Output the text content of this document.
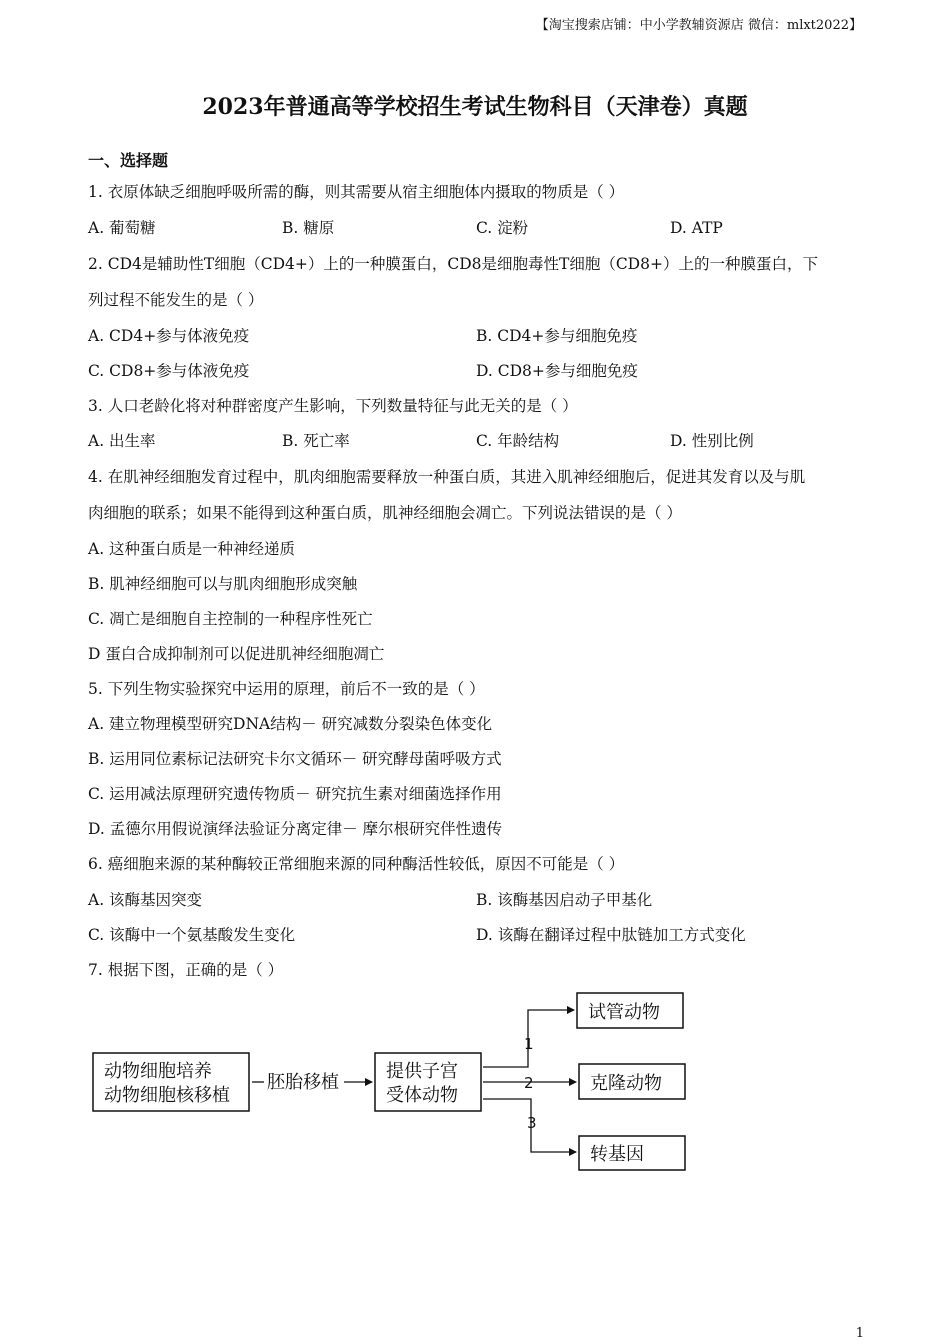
【淘宝搜索店铺：中小学教辅资源店 微信：mlxt2022】
2023年普通高等学校招生考试生物科目（天津卷）真题
一、选择题
1. 衣原体缺乏细胞呼吸所需的酶，则其需要从宿主细胞体内摄取的物质是（ ）
A. 葡萄糖	B. 糖原	C. 淀粉	D. ATP
2. CD4是辅助性T细胞（CD4+）上的一种膜蛋白，CD8是细胞毒性T细胞（CD8+）上的一种膜蛋白，下
列过程不能发生的是（ ）
A. CD4+参与体液免疫	B. CD4+参与细胞免疫
C. CD8+参与体液免疫	D. CD8+参与细胞免疫
3. 人口老龄化将对种群密度产生影响，下列数量特征与此无关的是（ ）
A. 出生率	B. 死亡率	C. 年龄结构	D. 性别比例
4. 在肌神经细胞发育过程中，肌肉细胞需要释放一种蛋白质，其进入肌神经细胞后，促进其发育以及与肌
肉细胞的联系；如果不能得到这种蛋白质，肌神经细胞会凋亡。下列说法错误的是（ ）
A. 这种蛋白质是一种神经递质
B. 肌神经细胞可以与肌肉细胞形成突触
C. 凋亡是细胞自主控制的一种程序性死亡
D 蛋白合成抑制剂可以促进肌神经细胞凋亡
5. 下列生物实验探究中运用的原理，前后不一致的是（ ）
A. 建立物理模型研究DNA结构－ 研究减数分裂染色体变化
B. 运用同位素标记法研究卡尔文循环－ 研究酵母菌呼吸方式
C. 运用减法原理研究遗传物质－ 研究抗生素对细菌选择作用
D. 孟德尔用假说演绎法验证分离定律－ 摩尔根研究伴性遗传
6. 癌细胞来源的某种酶较正常细胞来源的同种酶活性较低，原因不可能是（ ）
A. 该酶基因突变	B. 该酶基因启动子甲基化
C. 该酶中一个氨基酸发生变化	D. 该酶在翻译过程中肽链加工方式变化
7. 根据下图，正确的是（ ）
动物细胞培养
动物细胞核移植
胚胎移植
提供子宫
受体动物
1
试管动物
2	克隆动物
3
转基因
1
